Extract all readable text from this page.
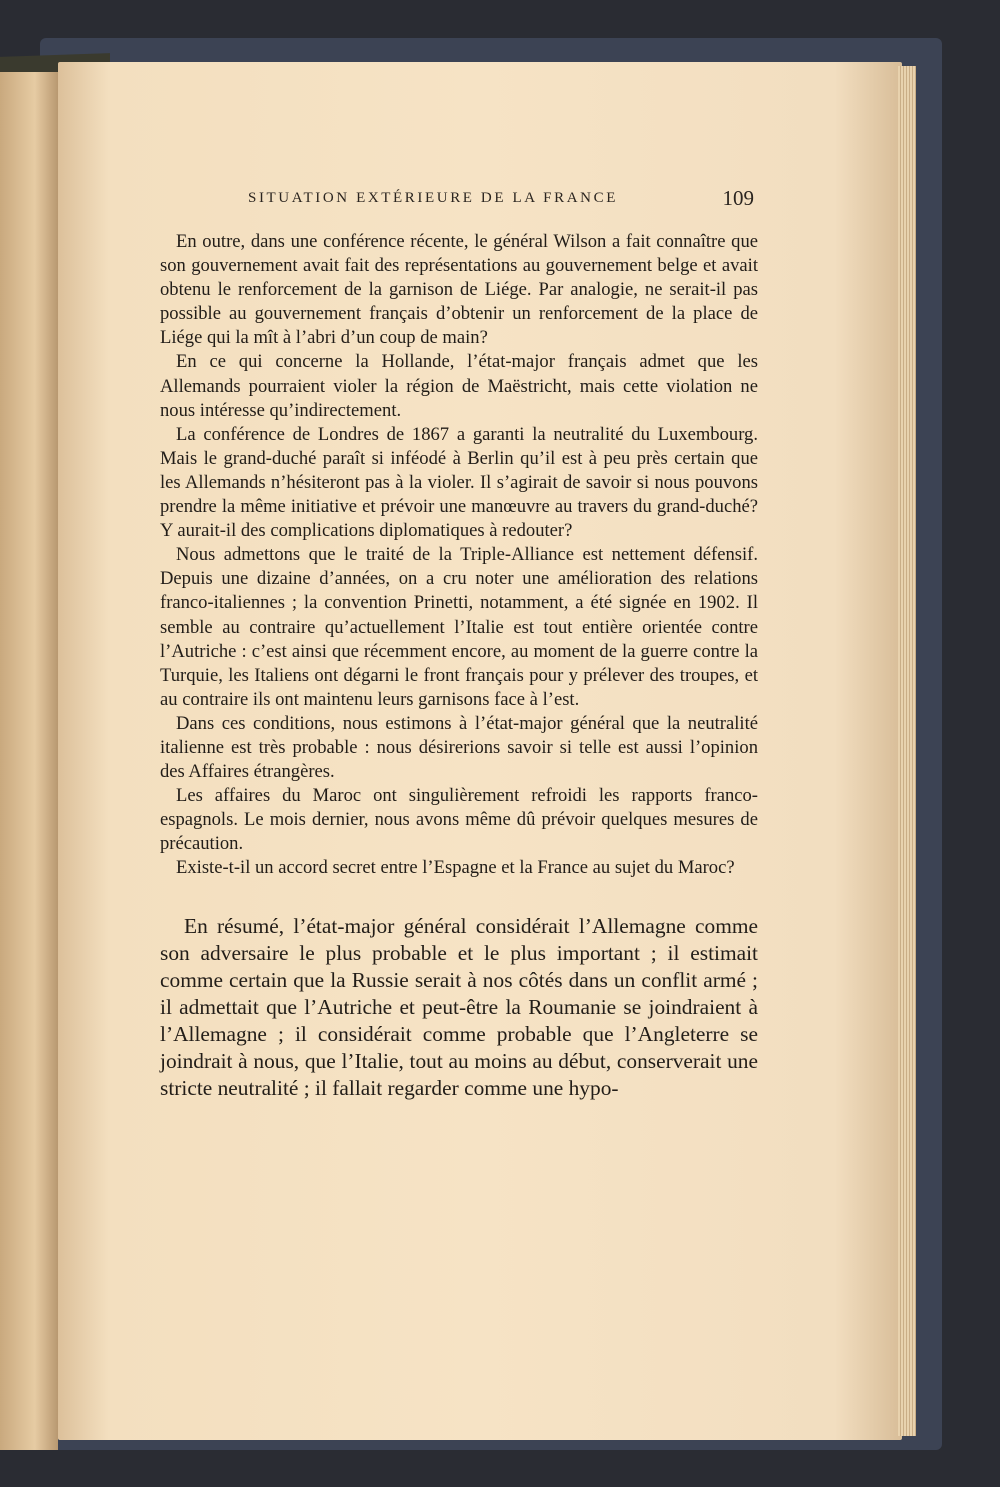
SITUATION EXTÉRIEURE DE LA FRANCE	109

En outre, dans une conférence récente, le général Wilson a fait connaître que son gouvernement avait fait des représentations au gouvernement belge et avait obtenu le renforcement de la garnison de Liége. Par analogie, ne serait-il pas possible au gouvernement français d’obtenir un renforcement de la place de Liége qui la mît à l’abri d’un coup de main?

En ce qui concerne la Hollande, l’état-major français admet que les Allemands pourraient violer la région de Maëstricht, mais cette violation ne nous intéresse qu’indirectement.

La conférence de Londres de 1867 a garanti la neutralité du Luxembourg. Mais le grand-duché paraît si inféodé à Berlin qu’il est à peu près certain que les Allemands n’hésiteront pas à la violer. Il s’agirait de savoir si nous pouvons prendre la même initiative et prévoir une manœuvre au travers du grand-duché? Y aurait-il des complications diplomatiques à redouter?

Nous admettons que le traité de la Triple-Alliance est nettement défensif. Depuis une dizaine d’années, on a cru noter une amélioration des relations franco-italiennes ; la convention Prinetti, notamment, a été signée en 1902. Il semble au contraire qu’actuellement l’Italie est tout entière orientée contre l’Autriche : c’est ainsi que récemment encore, au moment de la guerre contre la Turquie, les Italiens ont dégarni le front français pour y prélever des troupes, et au contraire ils ont maintenu leurs garnisons face à l’est.

Dans ces conditions, nous estimons à l’état-major général que la neutralité italienne est très probable : nous désirerions savoir si telle est aussi l’opinion des Affaires étrangères.

Les affaires du Maroc ont singulièrement refroidi les rapports franco-espagnols. Le mois dernier, nous avons même dû prévoir quelques mesures de précaution.

Existe-t-il un accord secret entre l’Espagne et la France au sujet du Maroc?

En résumé, l’état-major général considérait l’Allemagne comme son adversaire le plus probable et le plus important ; il estimait comme certain que la Russie serait à nos côtés dans un conflit armé ; il admettait que l’Autriche et peut-être la Roumanie se joindraient à l’Allemagne ; il considérait comme probable que l’Angleterre se joindrait à nous, que l’Italie, tout au moins au début, conserverait une stricte neutralité ; il fallait regarder comme une hypo-
